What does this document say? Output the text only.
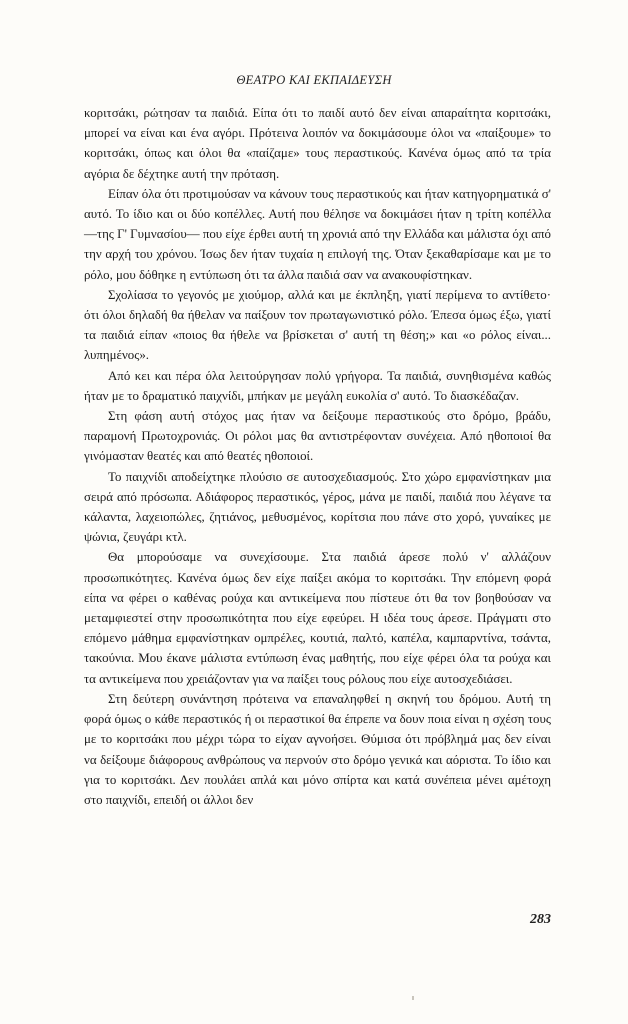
ΘΕΑΤΡΟ ΚΑΙ ΕΚΠΑΙΔΕΥΣΗ

κοριτσάκι, ρώτησαν τα παιδιά. Είπα ότι το παιδί αυτό δεν είναι απαραίτητα κοριτσάκι, μπορεί να είναι και ένα αγόρι. Πρότεινα λοιπόν να δοκιμάσουμε όλοι να «παίξουμε» το κοριτσάκι, όπως και όλοι θα «παίζαμε» τους περαστικούς. Κανένα όμως από τα τρία αγόρια δε δέχτηκε αυτή την πρόταση.

Είπαν όλα ότι προτιμούσαν να κάνουν τους περαστικούς και ήταν κατηγορηματικά σ' αυτό. Το ίδιο και οι δύο κοπέλλες. Αυτή που θέλησε να δοκιμάσει ήταν η τρίτη κοπέλλα —της Γ' Γυμνασίου— που είχε έρθει αυτή τη χρονιά από την Ελλάδα και μάλιστα όχι από την αρχή του χρόνου. Ίσως δεν ήταν τυχαία η επιλογή της. Όταν ξεκαθαρίσαμε και με το ρόλο, μου δόθηκε η εντύπωση ότι τα άλλα παιδιά σαν να ανακουφίστηκαν.

Σχολίασα το γεγονός με χιούμορ, αλλά και με έκπληξη, γιατί περίμενα το αντίθετο· ότι όλοι δηλαδή θα ήθελαν να παίξουν τον πρωταγωνιστικό ρόλο. Έπεσα όμως έξω, γιατί τα παιδιά είπαν «ποιος θα ήθελε να βρίσκεται σ' αυτή τη θέση;» και «ο ρόλος είναι... λυπημένος».

Από κει και πέρα όλα λειτούργησαν πολύ γρήγορα. Τα παιδιά, συνηθισμένα καθώς ήταν με το δραματικό παιχνίδι, μπήκαν με μεγάλη ευκολία σ' αυτό. Το διασκέδαζαν.

Στη φάση αυτή στόχος μας ήταν να δείξουμε περαστικούς στο δρόμο, βράδυ, παραμονή Πρωτοχρονιάς. Οι ρόλοι μας θα αντιστρέφονταν συνέχεια. Από ηθοποιοί θα γινόμασταν θεατές και από θεατές ηθοποιοί.

Το παιχνίδι αποδείχτηκε πλούσιο σε αυτοσχεδιασμούς. Στο χώρο εμφανίστηκαν μια σειρά από πρόσωπα. Αδιάφορος περαστικός, γέρος, μάνα με παιδί, παιδιά που λέγανε τα κάλαντα, λαχειοπώλες, ζητιάνος, μεθυσμένος, κορίτσια που πάνε στο χορό, γυναίκες με ψώνια, ζευγάρι κτλ.

Θα μπορούσαμε να συνεχίσουμε. Στα παιδιά άρεσε πολύ ν' αλλάζουν προσωπικότητες. Κανένα όμως δεν είχε παίξει ακόμα το κοριτσάκι. Την επόμενη φορά είπα να φέρει ο καθένας ρούχα και αντικείμενα που πίστευε ότι θα τον βοηθούσαν να μεταμφιεστεί στην προσωπικότητα που είχε εφεύρει. Η ιδέα τους άρεσε. Πράγματι στο επόμενο μάθημα εμφανίστηκαν ομπρέλες, κουτιά, παλτό, καπέλα, καμπαρντίνα, τσάντα, τακούνια. Μου έκανε μάλιστα εντύπωση ένας μαθητής, που είχε φέρει όλα τα ρούχα και τα αντικείμενα που χρειάζονταν για να παίξει τους ρόλους που είχε αυτοσχεδιάσει.

Στη δεύτερη συνάντηση πρότεινα να επαναληφθεί η σκηνή του δρόμου. Αυτή τη φορά όμως ο κάθε περαστικός ή οι περαστικοί θα έπρεπε να δουν ποια είναι η σχέση τους με το κοριτσάκι που μέχρι τώρα το είχαν αγνοήσει. Θύμισα ότι πρόβλημά μας δεν είναι να δείξουμε διάφορους ανθρώπους να περνούν στο δρόμο γενικά και αόριστα. Το ίδιο και για το κοριτσάκι. Δεν πουλάει απλά και μόνο σπίρτα και κατά συνέπεια μένει αμέτοχη στο παιχνίδι, επειδή οι άλλοι δεν

283
